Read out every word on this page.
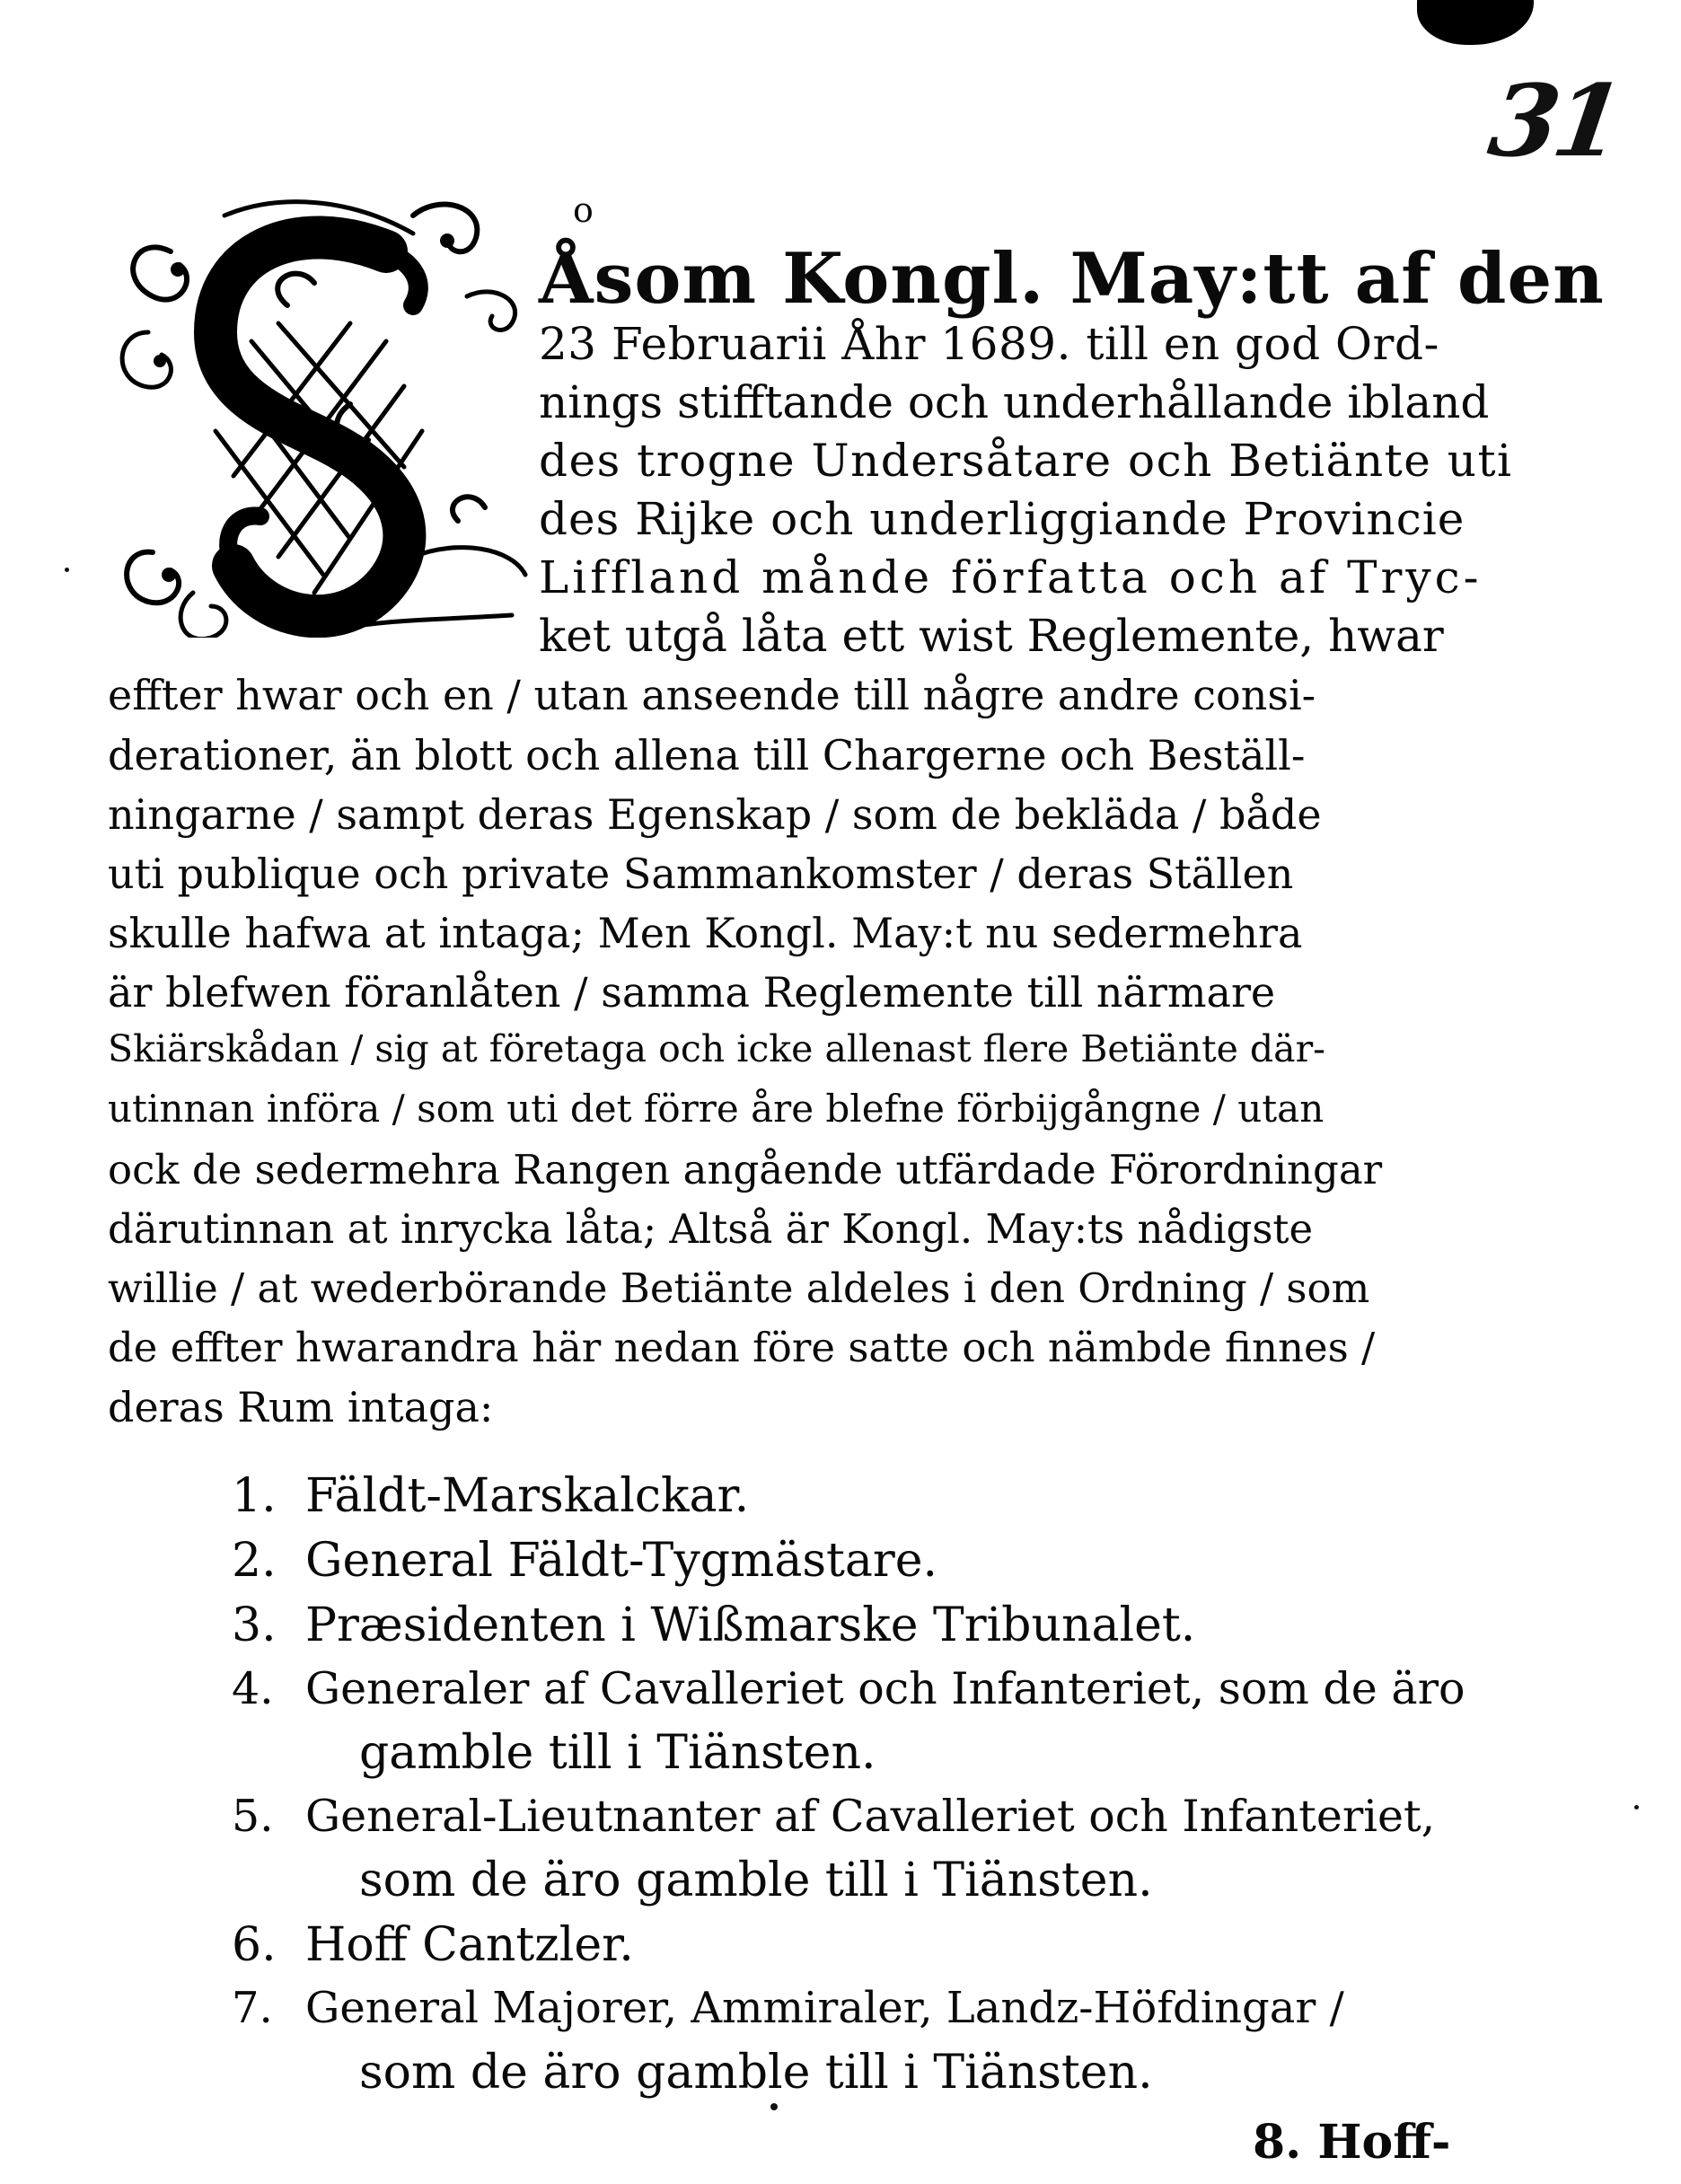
31
o
Åsom Kongl. May:tt af den
23 Februarii Åhr 1689. till en god Ord-
nings stifftande och underhållande ibland
des trogne Undersåtare och Betiänte uti
des Rijke och underliggiande Provincie
Liffland månde författa och af Tryc-
ket utgå låta ett wist Reglemente, hwar
effter hwar och en / utan anseende till någre andre consi-
derationer, än blott och allena till Chargerne och Beställ-
ningarne / sampt deras Egenskap / som de bekläda / både
uti publique och private Sammankomster / deras Ställen
skulle hafwa at intaga; Men Kongl. May:t nu sedermehra
är blefwen föranlåten / samma Reglemente till närmare
Skiärskådan / sig at företaga och icke allenast flere Betiänte där-
utinnan införa / som uti det förre åre blefne förbijgångne / utan
ock de sedermehra Rangen angående utfärdade Förordningar
därutinnan at inrycka låta; Altså är Kongl. May:ts nådigste
willie / at wederbörande Betiänte aldeles i den Ordning / som
de effter hwarandra här nedan före satte och nämbde finnes /
deras Rum intaga:
1. Fäldt-Marskalckar.
2. General Fäldt-Tygmästare.
3. Præsidenten i Wißmarske Tribunalet.
4. Generaler af Cavalleriet och Infanteriet, som de äro
gamble till i Tiänsten.
5. General-Lieutnanter af Cavalleriet och Infanteriet,
som de äro gamble till i Tiänsten.
6. Hoff Cantzler.
7. General Majorer, Ammiraler, Landz-Höfdingar /
som de äro gamble till i Tiänsten.
8. Hoff-
